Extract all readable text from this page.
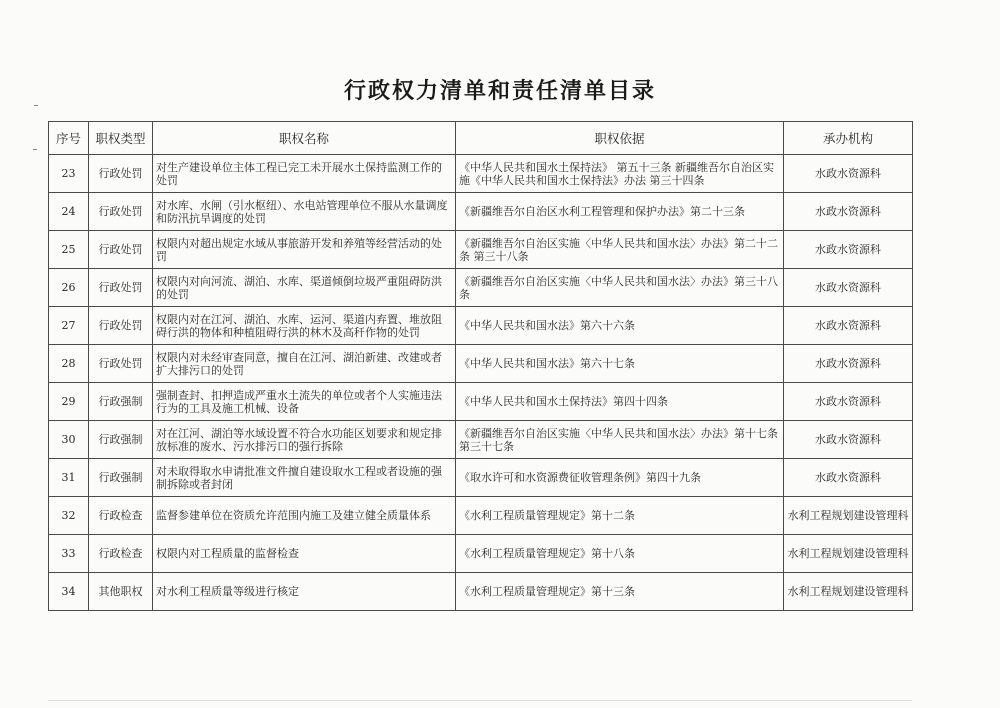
行政权力清单和责任清单目录
序号	职权类型	职权名称	职权依据	承办机构
23	行政处罚	对生产建设单位主体工程已完工未开展水土保持监测工作的处罚	《中华人民共和国水土保持法》 第五十三条 新疆维吾尔自治区实施《中华人民共和国水土保持法》办法 第三十四条	水政水资源科
24	行政处罚	对水库、水闸（引水枢纽）、水电站管理单位不服从水量调度和防汛抗旱调度的处罚	《新疆维吾尔自治区水利工程管理和保护办法》第二十三条	水政水资源科
25	行政处罚	权限内对超出规定水域从事旅游开发和养殖等经营活动的处罚	《新疆维吾尔自治区实施〈中华人民共和国水法〉办法》第二十二条 第三十八条	水政水资源科
26	行政处罚	权限内对向河流、湖泊、水库、渠道倾倒垃圾严重阻碍防洪的处罚	《新疆维吾尔自治区实施〈中华人民共和国水法〉办法》第三十八条	水政水资源科
27	行政处罚	权限内对在江河、湖泊、水库、运河、渠道内弃置、堆放阻碍行洪的物体和种植阻碍行洪的林木及高秆作物的处罚	《中华人民共和国水法》第六十六条	水政水资源科
28	行政处罚	权限内对未经审查同意，擅自在江河、湖泊新建、改建或者扩大排污口的处罚	《中华人民共和国水法》第六十七条	水政水资源科
29	行政强制	强制查封、扣押造成严重水土流失的单位或者个人实施违法行为的工具及施工机械、设备	《中华人民共和国水土保持法》第四十四条	水政水资源科
30	行政强制	对在江河、湖泊等水域设置不符合水功能区划要求和规定排放标准的废水、污水排污口的强行拆除	《新疆维吾尔自治区实施〈中华人民共和国水法〉办法》第十七条 第三十七条	水政水资源科
31	行政强制	对未取得取水申请批准文件擅自建设取水工程或者设施的强制拆除或者封闭	《取水许可和水资源费征收管理条例》第四十九条	水政水资源科
32	行政检查	监督参建单位在资质允许范围内施工及建立健全质量体系	《水利工程质量管理规定》第十二条	水利工程规划建设管理科
33	行政检查	权限内对工程质量的监督检查	《水利工程质量管理规定》第十八条	水利工程规划建设管理科
34	其他职权	对水利工程质量等级进行核定	《水利工程质量管理规定》第十三条	水利工程规划建设管理科
